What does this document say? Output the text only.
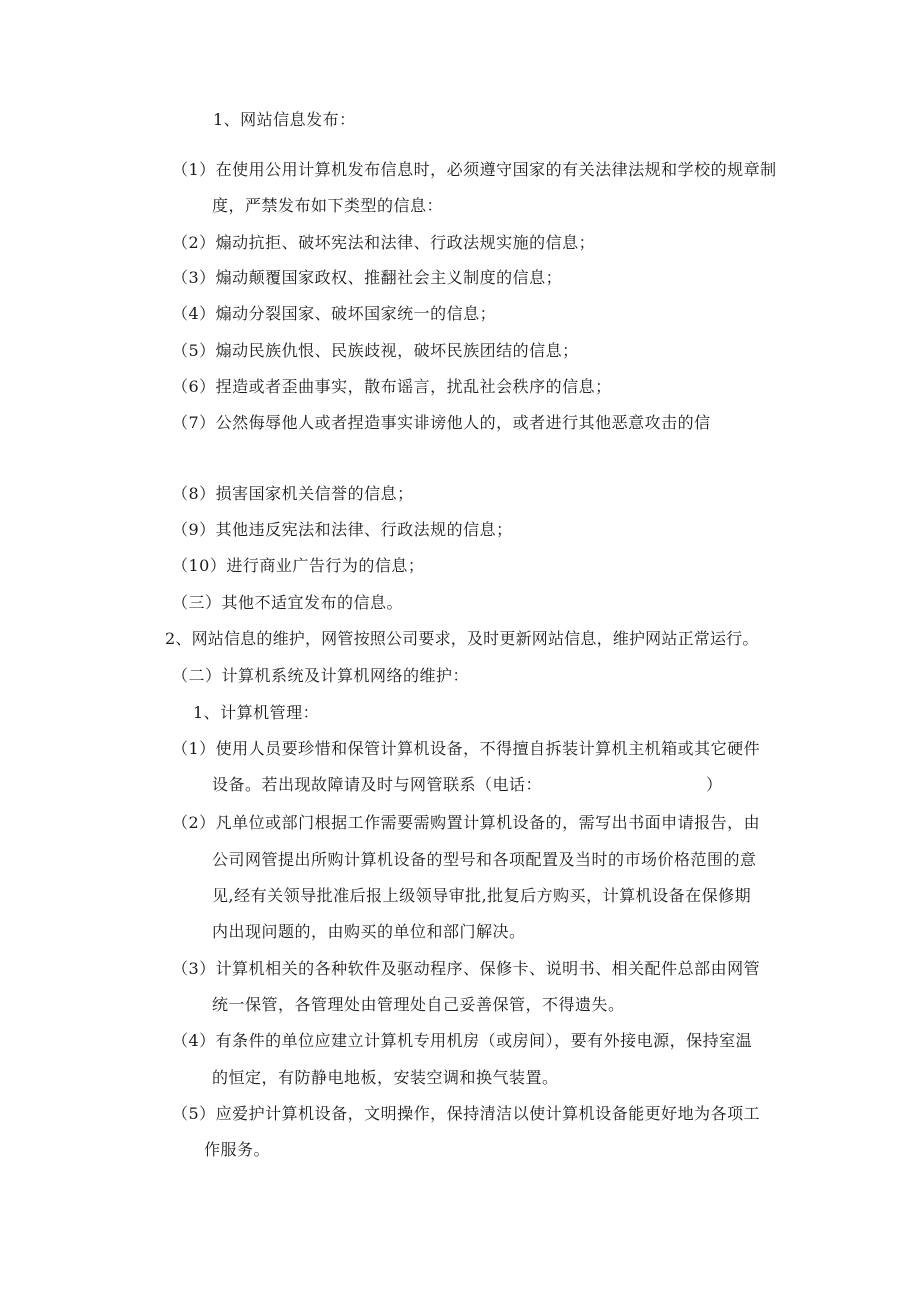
1、网站信息发布：
（1）在使用公用计算机发布信息时，必须遵守国家的有关法律法规和学校的规章制
度，严禁发布如下类型的信息：
（2）煽动抗拒、破坏宪法和法律、行政法规实施的信息；
（3）煽动颠覆国家政权、推翻社会主义制度的信息；
（4）煽动分裂国家、破坏国家统一的信息；
（5）煽动民族仇恨、民族歧视，破坏民族团结的信息；
（6）捏造或者歪曲事实，散布谣言，扰乱社会秩序的信息；
（7）公然侮辱他人或者捏造事实诽谤他人的，或者进行其他恶意攻击的信
（8）损害国家机关信誉的信息；
（9）其他违反宪法和法律、行政法规的信息；
（10）进行商业广告行为的信息；
（三）其他不适宜发布的信息。
2、网站信息的维护，网管按照公司要求，及时更新网站信息，维护网站正常运行。
（二）计算机系统及计算机网络的维护：
1、计算机管理：
（1）使用人员要珍惜和保管计算机设备，不得擅自拆装计算机主机箱或其它硬件
设备。若出现故障请及时与网管联系（电话：	）
（2）凡单位或部门根据工作需要需购置计算机设备的，需写出书面申请报告，由
公司网管提出所购计算机设备的型号和各项配置及当时的市场价格范围的意
见,经有关领导批准后报上级领导审批,批复后方购买，计算机设备在保修期
内出现问题的，由购买的单位和部门解决。
（3）计算机相关的各种软件及驱动程序、保修卡、说明书、相关配件总部由网管
统一保管，各管理处由管理处自己妥善保管，不得遗失。
（4）有条件的单位应建立计算机专用机房（或房间），要有外接电源，保持室温
的恒定，有防静电地板，安装空调和换气装置。
（5）应爱护计算机设备，文明操作，保持清洁以使计算机设备能更好地为各项工
作服务。
